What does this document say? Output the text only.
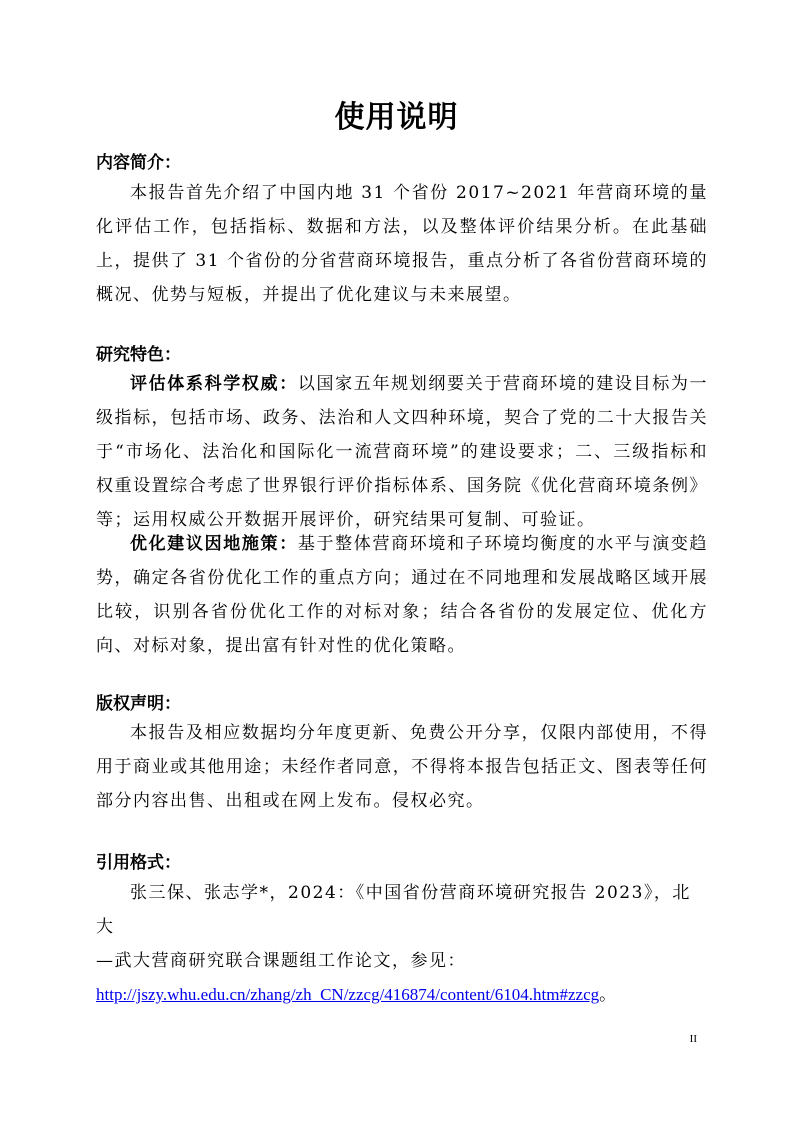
使用说明
内容简介：
本报告首先介绍了中国内地 31 个省份 2017~2021 年营商环境的量化评估工作，包括指标、数据和方法，以及整体评价结果分析。在此基础上，提供了 31 个省份的分省营商环境报告，重点分析了各省份营商环境的概况、优势与短板，并提出了优化建议与未来展望。
研究特色：
评估体系科学权威：以国家五年规划纲要关于营商环境的建设目标为一级指标，包括市场、政务、法治和人文四种环境，契合了党的二十大报告关于“市场化、法治化和国际化一流营商环境”的建设要求；二、三级指标和权重设置综合考虑了世界银行评价指标体系、国务院《优化营商环境条例》等；运用权威公开数据开展评价，研究结果可复制、可验证。
优化建议因地施策：基于整体营商环境和子环境均衡度的水平与演变趋势，确定各省份优化工作的重点方向；通过在不同地理和发展战略区域开展比较，识别各省份优化工作的对标对象；结合各省份的发展定位、优化方向、对标对象，提出富有针对性的优化策略。
版权声明：
本报告及相应数据均分年度更新、免费公开分享，仅限内部使用，不得用于商业或其他用途；未经作者同意，不得将本报告包括正文、图表等任何部分内容出售、出租或在网上发布。侵权必究。
引用格式：
张三保、张志学*，2024：《中国省份营商环境研究报告 2023》，北大
—武大营商研究联合课题组工作论文，参见：
http://jszy.whu.edu.cn/zhang/zh_CN/zzcg/416874/content/6104.htm#zzcg。
II
